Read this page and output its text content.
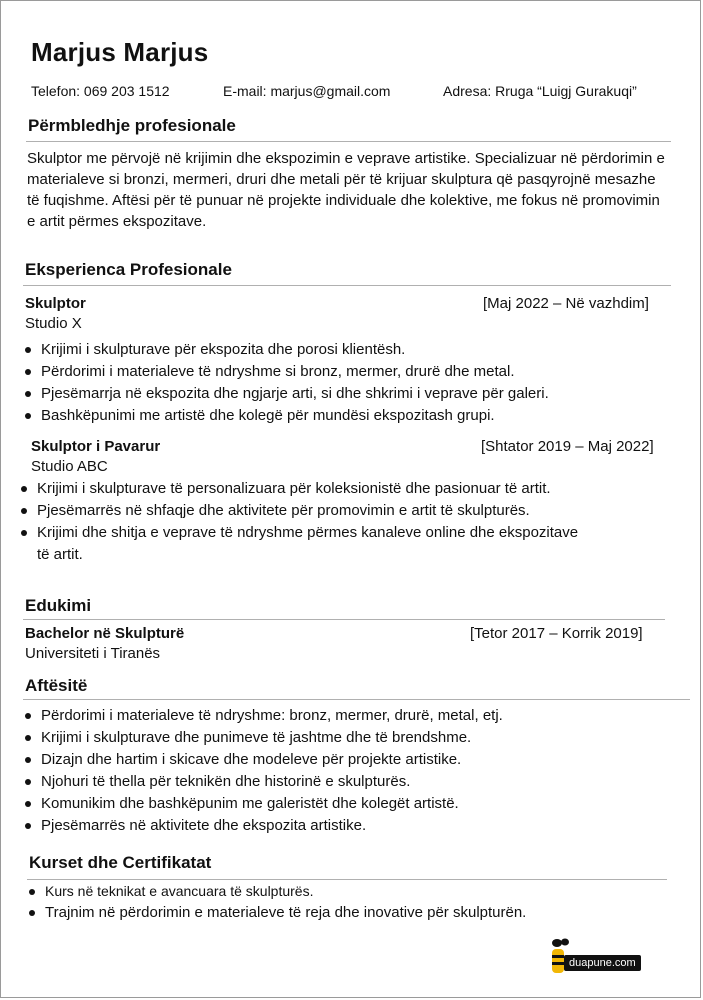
Marjus Marjus
Telefon: 069 203 1512	E-mail: marjus@gmail.com	Adresa: Rruga “Luigj Gurakuqi”
Përmbledhje profesionale
Skulptor me përvojë në krijimin dhe ekspozimin e veprave artistike. Specializuar në përdorimin e materialeve si bronzi, mermeri, druri dhe metali për të krijuar skulptura që pasqyrojnë mesazhe të fuqishme. Aftësi për të punuar në projekte individuale dhe kolektive, me fokus në promovimin e artit përmes ekspozitave.
Eksperienca Profesionale
Skulptor	[Maj 2022 – Në vazhdim]
Studio X
Krijimi i skulpturave për ekspozita dhe porosi klientësh.
Përdorimi i materialeve të ndryshme si bronz, mermer, drurë dhe metal.
Pjesëmarrja në ekspozita dhe ngjarje arti, si dhe shkrimi i veprave për galeri.
Bashkëpunimi me artistë dhe kolegë për mundësi ekspozitash grupi.
Skulptor i Pavarur	[Shtator 2019 – Maj 2022]
Studio ABC
Krijimi i skulpturave të personalizuara për koleksionistë dhe pasionuar të artit.
Pjesëmarrës në shfaqje dhe aktivitete për promovimin e artit të skulpturës.
Krijimi dhe shitja e veprave të ndryshme përmes kanaleve online dhe ekspozitave të artit.
Edukimi
Bachelor në Skulpturë	[Tetor 2017 – Korrik 2019]
Universiteti i Tiranës
Aftësitë
Përdorimi i materialeve të ndryshme: bronz, mermer, drurë, metal, etj.
Krijimi i skulpturave dhe punimeve të jashtme dhe të brendshme.
Dizajn dhe hartim i skicave dhe modeleve për projekte artistike.
Njohuri të thella për teknikën dhe historinë e skulpturës.
Komunikim dhe bashkëpunim me galeristët dhe kolegët artistë.
Pjesëmarrës në aktivitete dhe ekspozita artistike.
Kurset dhe Certifikatat
Kurs në teknikat e avancuara të skulpturës.
Trajnim në përdorimin e materialeve të reja dhe inovative për skulpturën.
duapune.com
